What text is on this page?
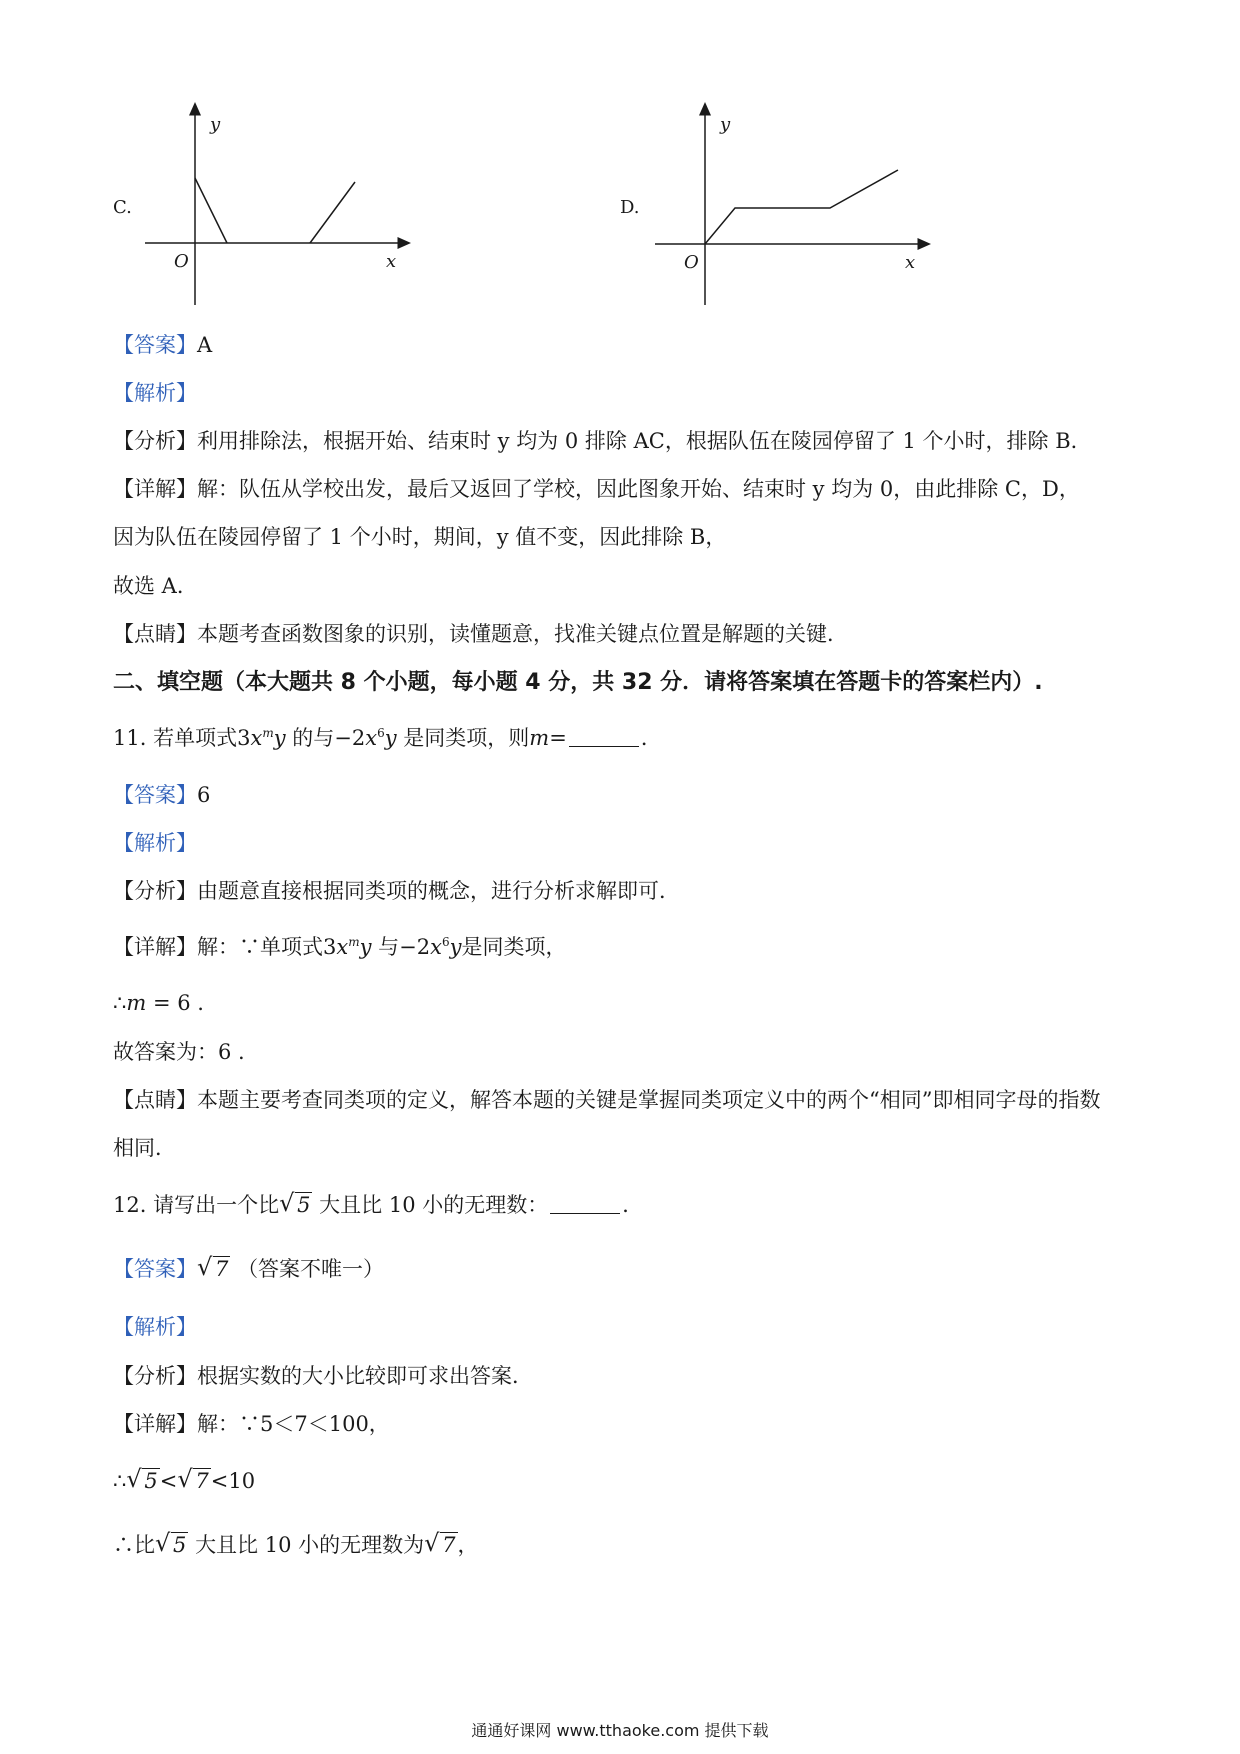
C.
y
x
O
D.
y
x
O
【答案】A
【解析】
【分析】利用排除法，根据开始、结束时 y 均为 0 排除 AC，根据队伍在陵园停留了 1 个小时，排除 B．
【详解】解：队伍从学校出发，最后又返回了学校，因此图象开始、结束时 y 均为 0，由此排除 C，D，
因为队伍在陵园停留了 1 个小时，期间，y 值不变，因此排除 B，
故选 A．
【点睛】本题考查函数图象的识别，读懂题意，找准关键点位置是解题的关键．
二、填空题（本大题共 8 个小题，每小题 4 分，共 32 分．请将答案填在答题卡的答案栏内）.
11. 若单项式$3x^my$ 的与$-2x^6y$ 是同类项，则m=	．
【答案】6
【解析】
【分析】由题意直接根据同类项的概念，进行分析求解即可．
【详解】解：∵单项式$3x^my$ 与$-2x^6y$是同类项，
∴m = 6 .
故答案为：6 .
【点睛】本题主要考查同类项的定义，解答本题的关键是掌握同类项定义中的两个“相同”即相同字母的指数
相同．
12. 请写出一个比 √ 5 大且比 10 小的无理数：	．
【答案】 √ 7 （答案不唯一）
【解析】
【分析】根据实数的大小比较即可求出答案．
【详解】解：∵5＜7＜100，
∴ √ 5< √ 7<10
∴比 √ 5 大且比 10 小的无理数为 √ 7，
通通好课网 www.tthaoke.com 提供下载
